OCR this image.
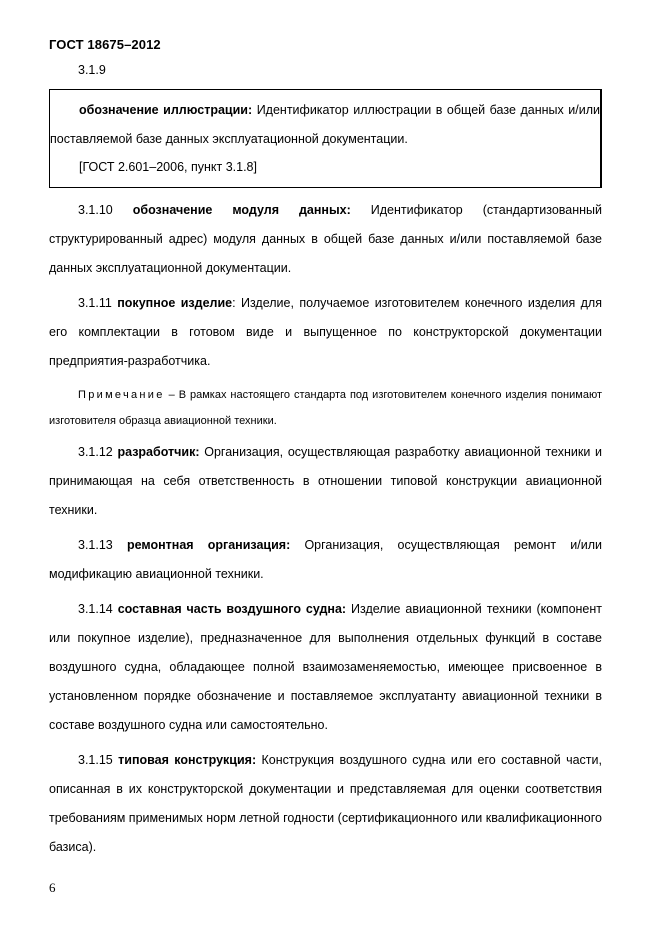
ГОСТ 18675–2012
3.1.9

обозначение иллюстрации: Идентификатор иллюстрации в общей базе данных и/или поставляемой базе данных эксплуатационной документации.

[ГОСТ 2.601–2006, пункт 3.1.8]

3.1.10 обозначение модуля данных: Идентификатор (стандартизованный структурированный адрес) модуля данных в общей базе данных и/или поставляемой базе данных эксплуатационной документации.

3.1.11 покупное изделие: Изделие, получаемое изготовителем конечного изделия для его комплектации в готовом виде и выпущенное по конструкторской документации предприятия-разработчика.

Примечание – В рамках настоящего стандарта под изготовителем конечного изделия понимают изготовителя образца авиационной техники.

3.1.12 разработчик: Организация, осуществляющая разработку авиационной техники и принимающая на себя ответственность в отношении типовой конструкции авиационной техники.

3.1.13 ремонтная организация: Организация, осуществляющая ремонт и/или модификацию авиационной техники.

3.1.14 составная часть воздушного судна: Изделие авиационной техники (компонент или покупное изделие), предназначенное для выполнения отдельных функций в составе воздушного судна, обладающее полной взаимозаменяемостью, имеющее присвоенное в установленном порядке обозначение и поставляемое эксплуатанту авиационной техники в составе воздушного судна или самостоятельно.

3.1.15 типовая конструкция: Конструкция воздушного судна или его составной части, описанная в их конструкторской документации и представляемая для оценки соответствия требованиям применимых норм летной годности (сертификационного или квалификационного базиса).

6
